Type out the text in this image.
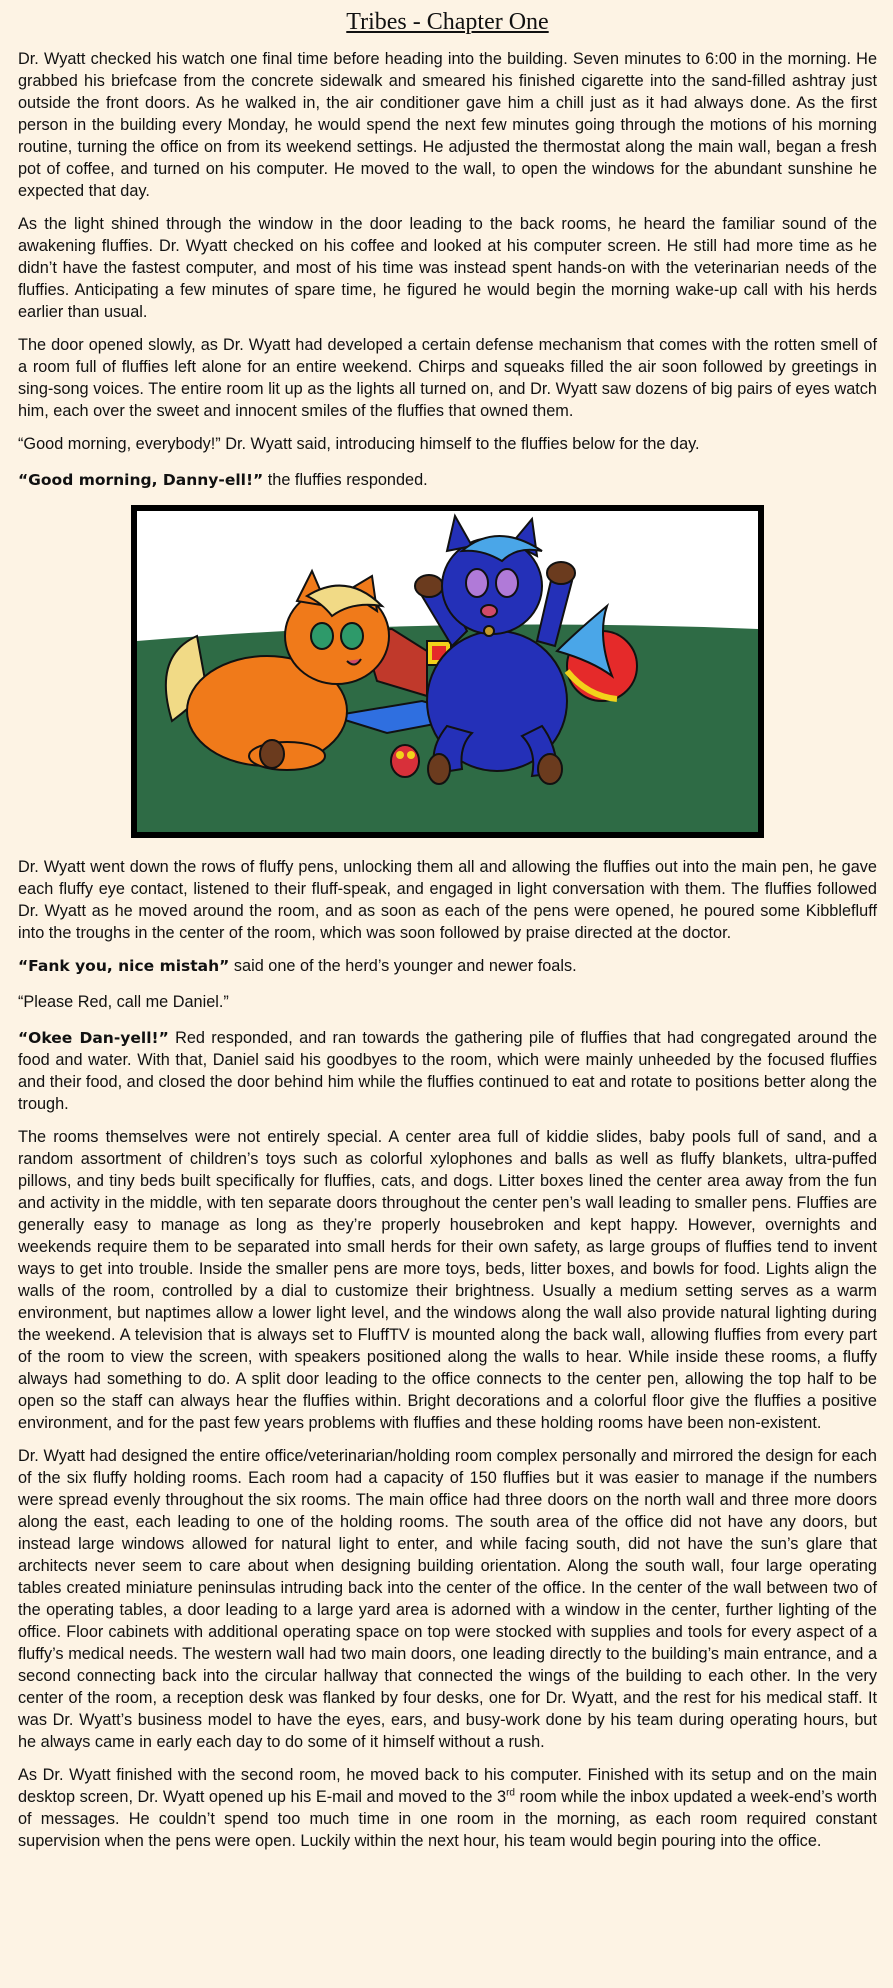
Tribes - Chapter One

Dr. Wyatt checked his watch one final time before heading into the building. Seven minutes to 6:00 in the morning. He grabbed his briefcase from the concrete sidewalk and smeared his finished cigarette into the sand-filled ashtray just outside the front doors. As he walked in, the air conditioner gave him a chill just as it had always done. As the first person in the building every Monday, he would spend the next few minutes going through the motions of his morning routine, turning the office on from its weekend settings. He adjusted the thermostat along the main wall, began a fresh pot of coffee, and turned on his computer. He moved to the wall, to open the windows for the abundant sunshine he expected that day.

As the light shined through the window in the door leading to the back rooms, he heard the familiar sound of the awakening fluffies. Dr. Wyatt checked on his coffee and looked at his computer screen. He still had more time as he didn’t have the fastest computer, and most of his time was instead spent hands-on with the veterinarian needs of the fluffies. Anticipating a few minutes of spare time, he figured he would begin the morning wake-up call with his herds earlier than usual.

The door opened slowly, as Dr. Wyatt had developed a certain defense mechanism that comes with the rotten smell of a room full of fluffies left alone for an entire weekend. Chirps and squeaks filled the air soon followed by greetings in sing-song voices. The entire room lit up as the lights all turned on, and Dr. Wyatt saw dozens of big pairs of eyes watch him, each over the sweet and innocent smiles of the fluffies that owned them.

“Good morning, everybody!” Dr. Wyatt said, introducing himself to the fluffies below for the day.

“Good morning, Danny-ell!” the fluffies responded.

Dr. Wyatt went down the rows of fluffy pens, unlocking them all and allowing the fluffies out into the main pen, he gave each fluffy eye contact, listened to their fluff-speak, and engaged in light conversation with them. The fluffies followed Dr. Wyatt as he moved around the room, and as soon as each of the pens were opened, he poured some Kibblefluff into the troughs in the center of the room, which was soon followed by praise directed at the doctor.

“Fank you, nice mistah” said one of the herd’s younger and newer foals.

“Please Red, call me Daniel.”

“Okee Dan-yell!” Red responded, and ran towards the gathering pile of fluffies that had congregated around the food and water. With that, Daniel said his goodbyes to the room, which were mainly unheeded by the focused fluffies and their food, and closed the door behind him while the fluffies continued to eat and rotate to positions better along the trough.

The rooms themselves were not entirely special. A center area full of kiddie slides, baby pools full of sand, and a random assortment of children’s toys such as colorful xylophones and balls as well as fluffy blankets, ultra-puffed pillows, and tiny beds built specifically for fluffies, cats, and dogs. Litter boxes lined the center area away from the fun and activity in the middle, with ten separate doors throughout the center pen’s wall leading to smaller pens. Fluffies are generally easy to manage as long as they’re properly housebroken and kept happy. However, overnights and weekends require them to be separated into small herds for their own safety, as large groups of fluffies tend to invent ways to get into trouble. Inside the smaller pens are more toys, beds, litter boxes, and bowls for food. Lights align the walls of the room, controlled by a dial to customize their brightness. Usually a medium setting serves as a warm environment, but naptimes allow a lower light level, and the windows along the wall also provide natural lighting during the weekend. A television that is always set to FluffTV is mounted along the back wall, allowing fluffies from every part of the room to view the screen, with speakers positioned along the walls to hear. While inside these rooms, a fluffy always had something to do. A split door leading to the office connects to the center pen, allowing the top half to be open so the staff can always hear the fluffies within. Bright decorations and a colorful floor give the fluffies a positive environment, and for the past few years problems with fluffies and these holding rooms have been non-existent.

Dr. Wyatt had designed the entire office/veterinarian/holding room complex personally and mirrored the design for each of the six fluffy holding rooms. Each room had a capacity of 150 fluffies but it was easier to manage if the numbers were spread evenly throughout the six rooms. The main office had three doors on the north wall and three more doors along the east, each leading to one of the holding rooms. The south area of the office did not have any doors, but instead large windows allowed for natural light to enter, and while facing south, did not have the sun’s glare that architects never seem to care about when designing building orientation. Along the south wall, four large operating tables created miniature peninsulas intruding back into the center of the office. In the center of the wall between two of the operating tables, a door leading to a large yard area is adorned with a window in the center, further lighting of the office. Floor cabinets with additional operating space on top were stocked with supplies and tools for every aspect of a fluffy’s medical needs. The western wall had two main doors, one leading directly to the building’s main entrance, and a second connecting back into the circular hallway that connected the wings of the building to each other. In the very center of the room, a reception desk was flanked by four desks, one for Dr. Wyatt, and the rest for his medical staff. It was Dr. Wyatt’s business model to have the eyes, ears, and busy-work done by his team during operating hours, but he always came in early each day to do some of it himself without a rush.

As Dr. Wyatt finished with the second room, he moved back to his computer. Finished with its setup and on the main desktop screen, Dr. Wyatt opened up his E-mail and moved to the 3rd room while the inbox updated a week-end’s worth of messages. He couldn’t spend too much time in one room in the morning, as each room required constant supervision when the pens were open. Luckily within the next hour, his team would begin pouring into the office.
